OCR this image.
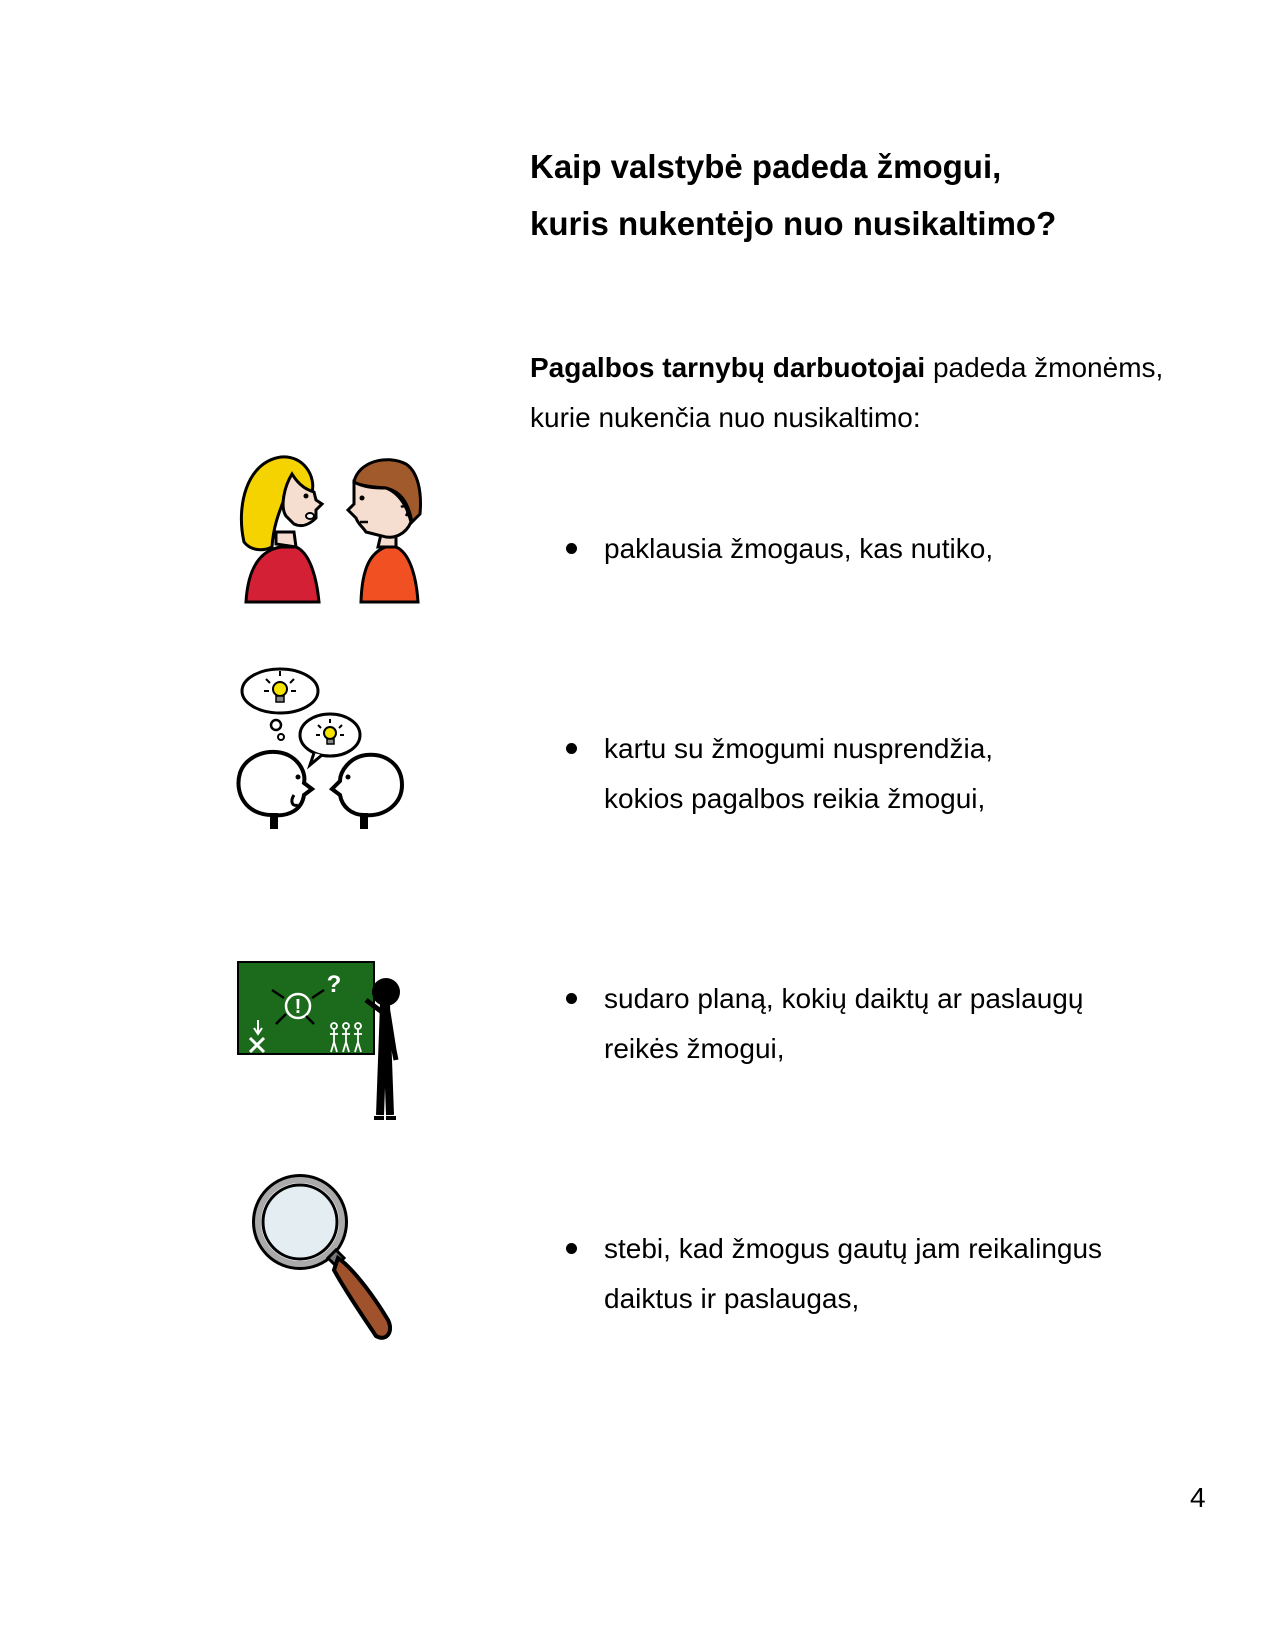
Kaip valstybė padeda žmogui,
kuris nukentėjo nuo nusikaltimo?
Pagalbos tarnybų darbuotojai padeda žmonėms,
kurie nukenčia nuo nusikaltimo:
!
?
paklausia žmogaus, kas nutiko,
kartu su žmogumi nusprendžia,
kokios pagalbos reikia žmogui,
sudaro planą, kokių daiktų ar paslaugų
reikės žmogui,
stebi, kad žmogus gautų jam reikalingus
daiktus ir paslaugas,
4
